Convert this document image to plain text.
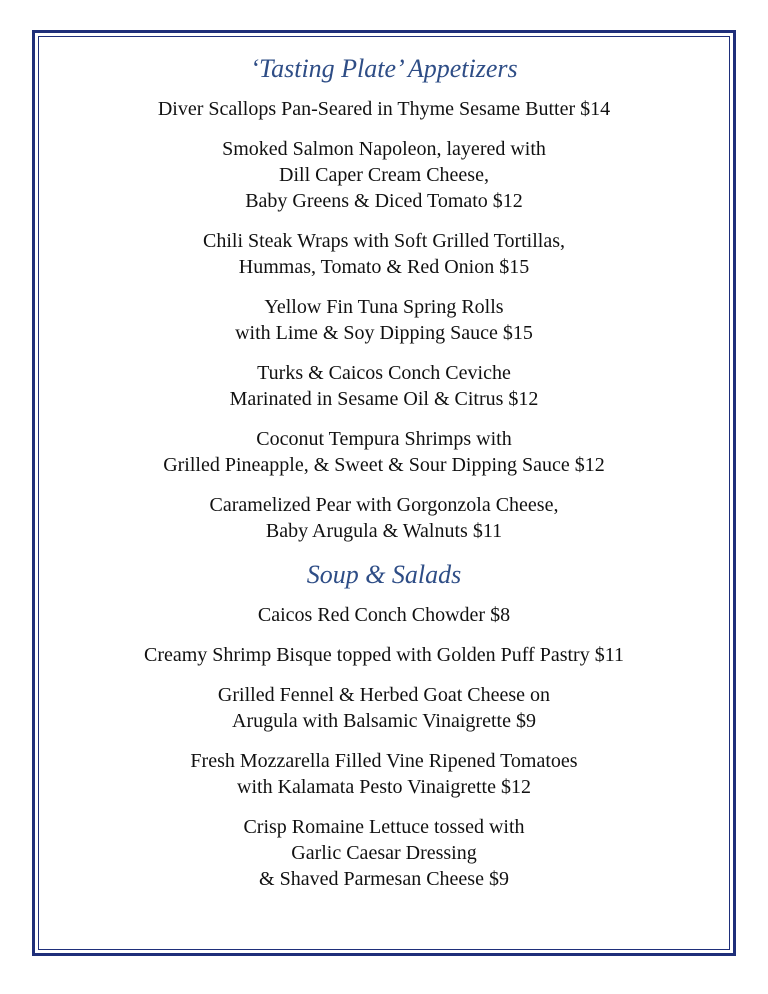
‘Tasting Plate’ Appetizers
Diver Scallops Pan-Seared in Thyme Sesame Butter $14
Smoked Salmon Napoleon, layered with
Dill Caper Cream Cheese,
Baby Greens & Diced Tomato $12
Chili Steak Wraps with Soft Grilled Tortillas,
Hummas, Tomato & Red Onion $15
Yellow Fin Tuna Spring Rolls
with Lime & Soy Dipping Sauce $15
Turks & Caicos Conch Ceviche
Marinated in Sesame Oil & Citrus $12
Coconut Tempura Shrimps with
Grilled Pineapple, & Sweet & Sour Dipping Sauce $12
Caramelized Pear with Gorgonzola Cheese,
Baby Arugula & Walnuts $11
Soup & Salads
Caicos Red Conch Chowder $8
Creamy Shrimp Bisque topped with Golden Puff Pastry $11
Grilled Fennel & Herbed Goat Cheese on
Arugula with Balsamic Vinaigrette $9
Fresh Mozzarella Filled Vine Ripened Tomatoes
with Kalamata Pesto Vinaigrette $12
Crisp Romaine Lettuce tossed with
Garlic Caesar Dressing
& Shaved Parmesan Cheese $9
